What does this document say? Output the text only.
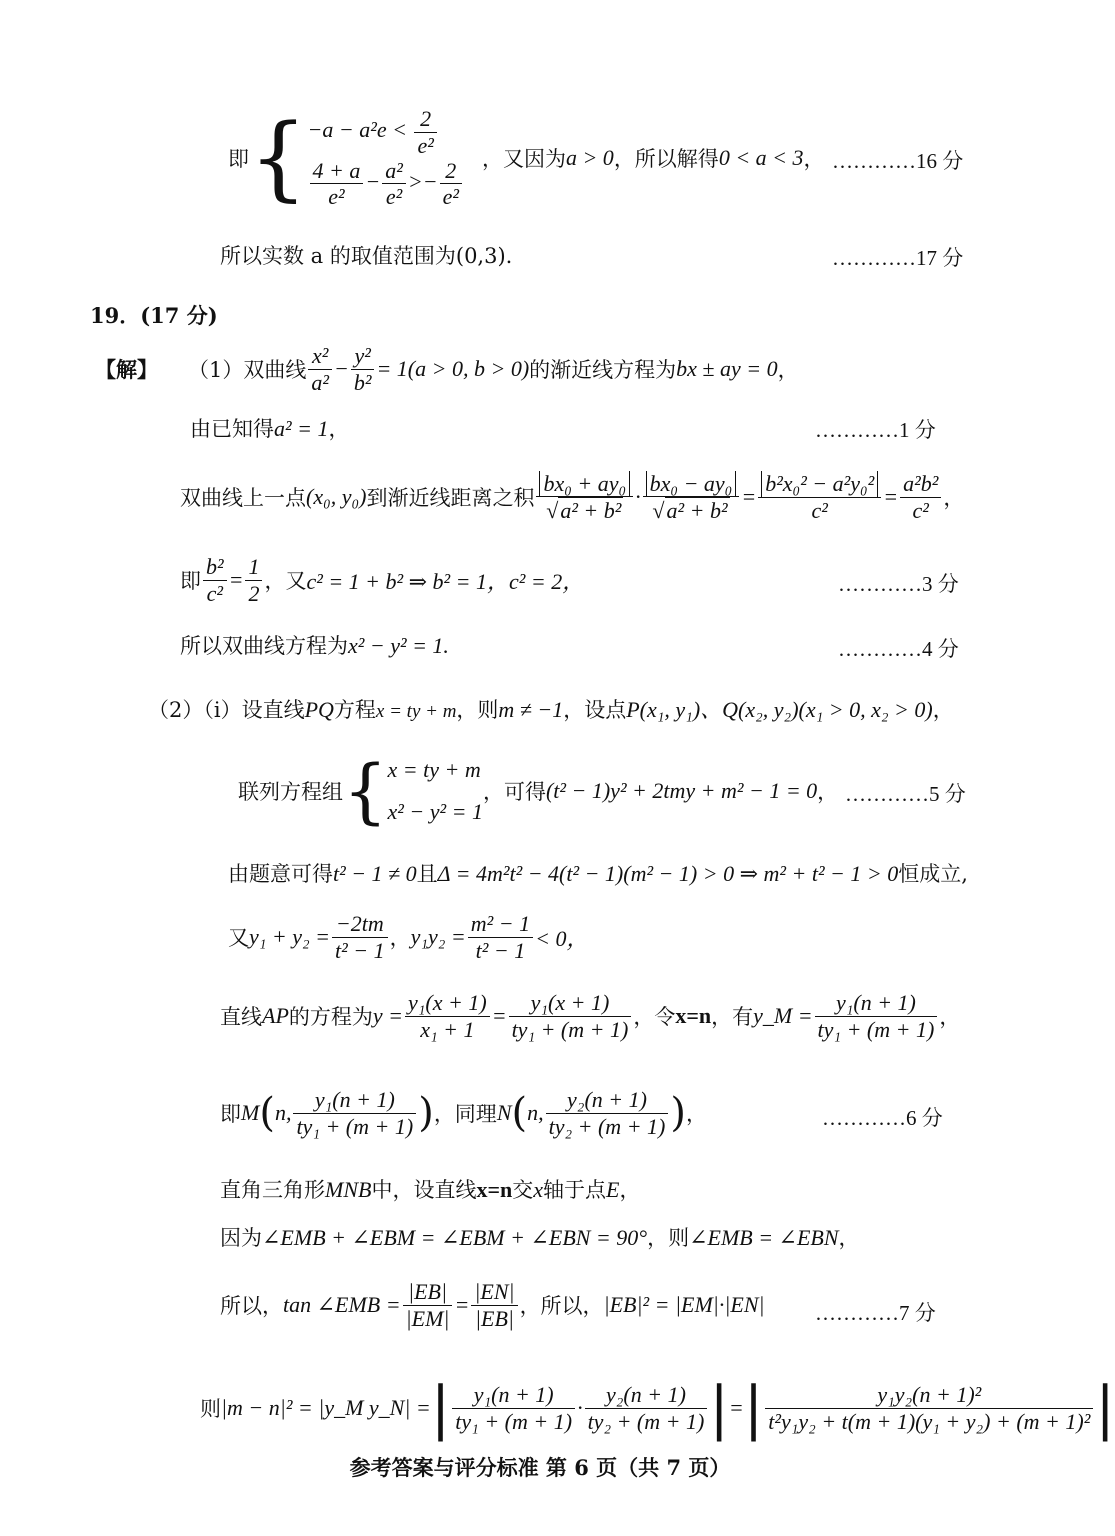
即 { $-a - a^2e < \frac{2}{\text{e²}}$
$\frac{4 + a}{\text{e²}} - \frac{\text{a²}}{\text{e²}} >- \frac{2}{\text{e²}}$ ，又因为 a > 0 ，所以解得 0 < a < 3 ， …………16 分
所以实数 a 的取值范围为(0,3).	…………17 分
19．(17 分)
【解】 （1）双曲线 $\frac{\text{x²}}{\text{a²}} - \frac{\text{y²}}{\text{b²}} = 1(a > 0$, b > 0) 的渐近线方程为 bx ± ay = 0 ，
由已知得a² = 1，	…………1 分
双曲线上一点 (x₀, y₀) 到渐近线距离之积 $\frac{\text{bx₀ + ay₀}}{\text{√a² + b²}} \cdot \frac{\text{bx₀ − ay₀}}{\text{√a² + b²}} = \frac{\text{b²x₀² − a²y₀²}}{\text{c²}} = \frac{\text{a²b²}}{\text{c²}}$ ，
即 $\frac{\text{b²}}{\text{c²}} = \frac{1}{2}$ ，又 c² = 1 + b² ⇒ b² = 1，c² = 2，	…………3 分
所以双曲线方程为x² − y² = 1.	…………4 分
（2）（i）设直线PQ方程x = ty + m，则m ≠ −1，设点P(x₁, y₁)、Q(x₂, y₂)(x₁ > 0, x₂ > 0)，
联列方程组 { x = ty + m
x² − y² = 1
，可得 (t² − 1)y² + 2tmy + m² − 1 = 0 ， …………5 分
由题意可得t² − 1 ≠ 0且Δ = 4m²t² − 4(t² − 1)(m² − 1) > 0 ⇒ m² + t² − 1 > 0恒成立,
又 $y_1 + y_2 = \frac{-2tm}{\text{t² − 1}}$ ， $y_1y_2 = \frac{\text{m² − 1}}{\text{t² − 1}} < 0$，
直线 AP 的方程为 $y = \frac{\text{y₁(x + 1)}}{\text{x₁ + 1}} = \frac{\text{y₁(x + 1)}}{\text{ty₁ + (m + 1)}}$ ，令 x=n ，有 y_M = $\frac{\text{y₁(n + 1)}}{\text{ty₁ + (m + 1)}}$ ，
即 M ( n, $\frac{\text{y₁(n + 1)}}{\text{ty₁ + (m + 1)}}$ ) ，同理 N ( n, $\frac{\text{y₂(n + 1)}}{\text{ty₂ + (m + 1)}}$ ) ，	…………6 分
直角三角形MNB中，设直线x=n交x轴于点E，
因为∠EMB + ∠EBM = ∠EBM + ∠EBN = 90°，则∠EMB = ∠EBN，
所以， tan ∠EMB = $\frac{|EB|}{|EM|} = \frac{|EN|}{|EB|}$ ，所以， |EB|² = |EM|·|EN| …………7 分
则 |m − n|² = |y_M y_N| = | $\frac{\text{y₁(n + 1)}}{\text{ty₁ + (m + 1)}} \cdot \frac{\text{y₂(n + 1)}}{\text{ty₂ + (m + 1)}}$ | = | $\frac{\text{y₁y₂(n + 1)²}}{\text{t²y₁y₂ + t(m + 1)(y₁ + y₂) + (m + 1)²}}$ |
参考答案与评分标准 第 6 页（共 7 页）
